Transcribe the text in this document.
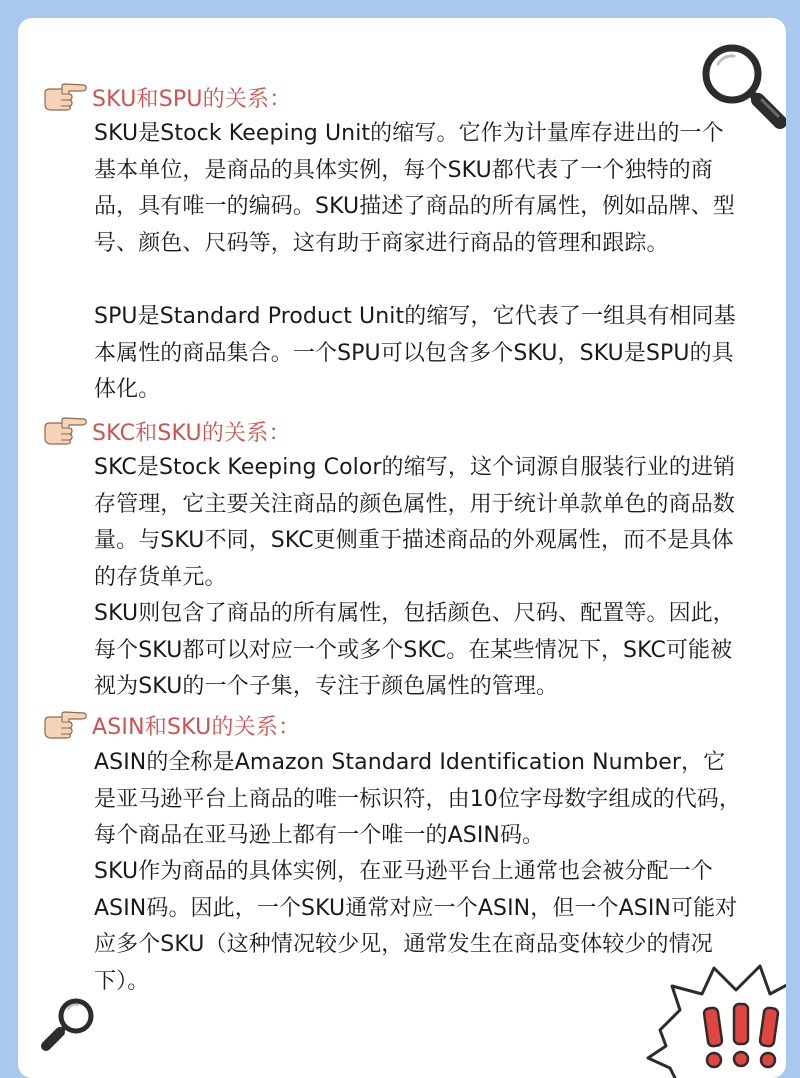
SKU和SPU的关系：

SKU是Stock Keeping Unit的缩写。它作为计量库存进出的一个基本单位，是商品的具体实例，每个SKU都代表了一个独特的商品，具有唯一的编码。SKU描述了商品的所有属性，例如品牌、型号、颜色、尺码等，这有助于商家进行商品的管理和跟踪。

SPU是Standard Product Unit的缩写，它代表了一组具有相同基本属性的商品集合。一个SPU可以包含多个SKU，SKU是SPU的具体化。

SKC和SKU的关系：

SKC是Stock Keeping Color的缩写，这个词源自服装行业的进销存管理，它主要关注商品的颜色属性，用于统计单款单色的商品数量。与SKU不同，SKC更侧重于描述商品的外观属性，而不是具体的存货单元。

SKU则包含了商品的所有属性，包括颜色、尺码、配置等。因此，每个SKU都可以对应一个或多个SKC。在某些情况下，SKC可能被视为SKU的一个子集，专注于颜色属性的管理。

ASIN和SKU的关系：

ASIN的全称是Amazon Standard Identification Number，它是亚马逊平台上商品的唯一标识符，由10位字母数字组成的代码，每个商品在亚马逊上都有一个唯一的ASIN码。

SKU作为商品的具体实例，在亚马逊平台上通常也会被分配一个ASIN码。因此，一个SKU通常对应一个ASIN，但一个ASIN可能对应多个SKU（这种情况较少见，通常发生在商品变体较少的情况下）。
